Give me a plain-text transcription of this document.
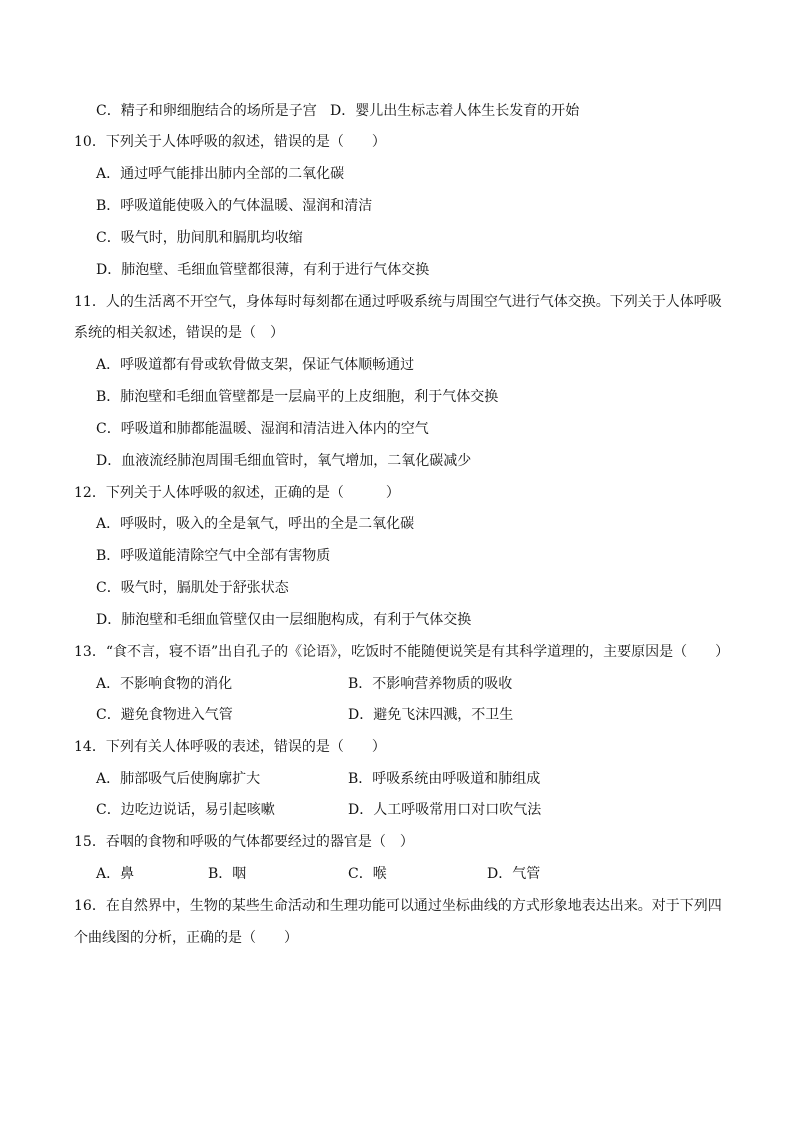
C．精子和卵细胞结合的场所是子宫 D．婴儿出生标志着人体生长发育的开始
10．下列关于人体呼吸的叙述，错误的是（　　）
A．通过呼气能排出肺内全部的二氧化碳
B．呼吸道能使吸入的气体温暖、湿润和清洁
C．吸气时，肋间肌和膈肌均收缩
D．肺泡壁、毛细血管壁都很薄，有利于进行气体交换
11．人的生活离不开空气，身体每时每刻都在通过呼吸系统与周围空气进行气体交换。下列关于人体呼吸
系统的相关叙述，错误的是（　）
A．呼吸道都有骨或软骨做支架，保证气体顺畅通过
B．肺泡壁和毛细血管壁都是一层扁平的上皮细胞，利于气体交换
C．呼吸道和肺都能温暖、湿润和清洁进入体内的空气
D．血液流经肺泡周围毛细血管时，氧气增加，二氧化碳减少
12．下列关于人体呼吸的叙述，正确的是（　　　）
A．呼吸时，吸入的全是氧气，呼出的全是二氧化碳
B．呼吸道能清除空气中全部有害物质
C．吸气时，膈肌处于舒张状态
D．肺泡壁和毛细血管壁仅由一层细胞构成，有利于气体交换
13．“食不言，寝不语”出自孔子的《论语》，吃饭时不能随便说笑是有其科学道理的，主要原因是（　　）
A．不影响食物的消化	B．不影响营养物质的吸收
C．避免食物进入气管	D．避免飞沫四溅，不卫生
14．下列有关人体呼吸的表述，错误的是（　　）
A．肺部吸气后使胸廓扩大	B．呼吸系统由呼吸道和肺组成
C．边吃边说话，易引起咳嗽	D．人工呼吸常用口对口吹气法
15．吞咽的食物和呼吸的气体都要经过的器官是（　）
A．鼻	B．咽	C．喉	D．气管
16．在自然界中，生物的某些生命活动和生理功能可以通过坐标曲线的方式形象地表达出来。对于下列四
个曲线图的分析，正确的是（　　）
